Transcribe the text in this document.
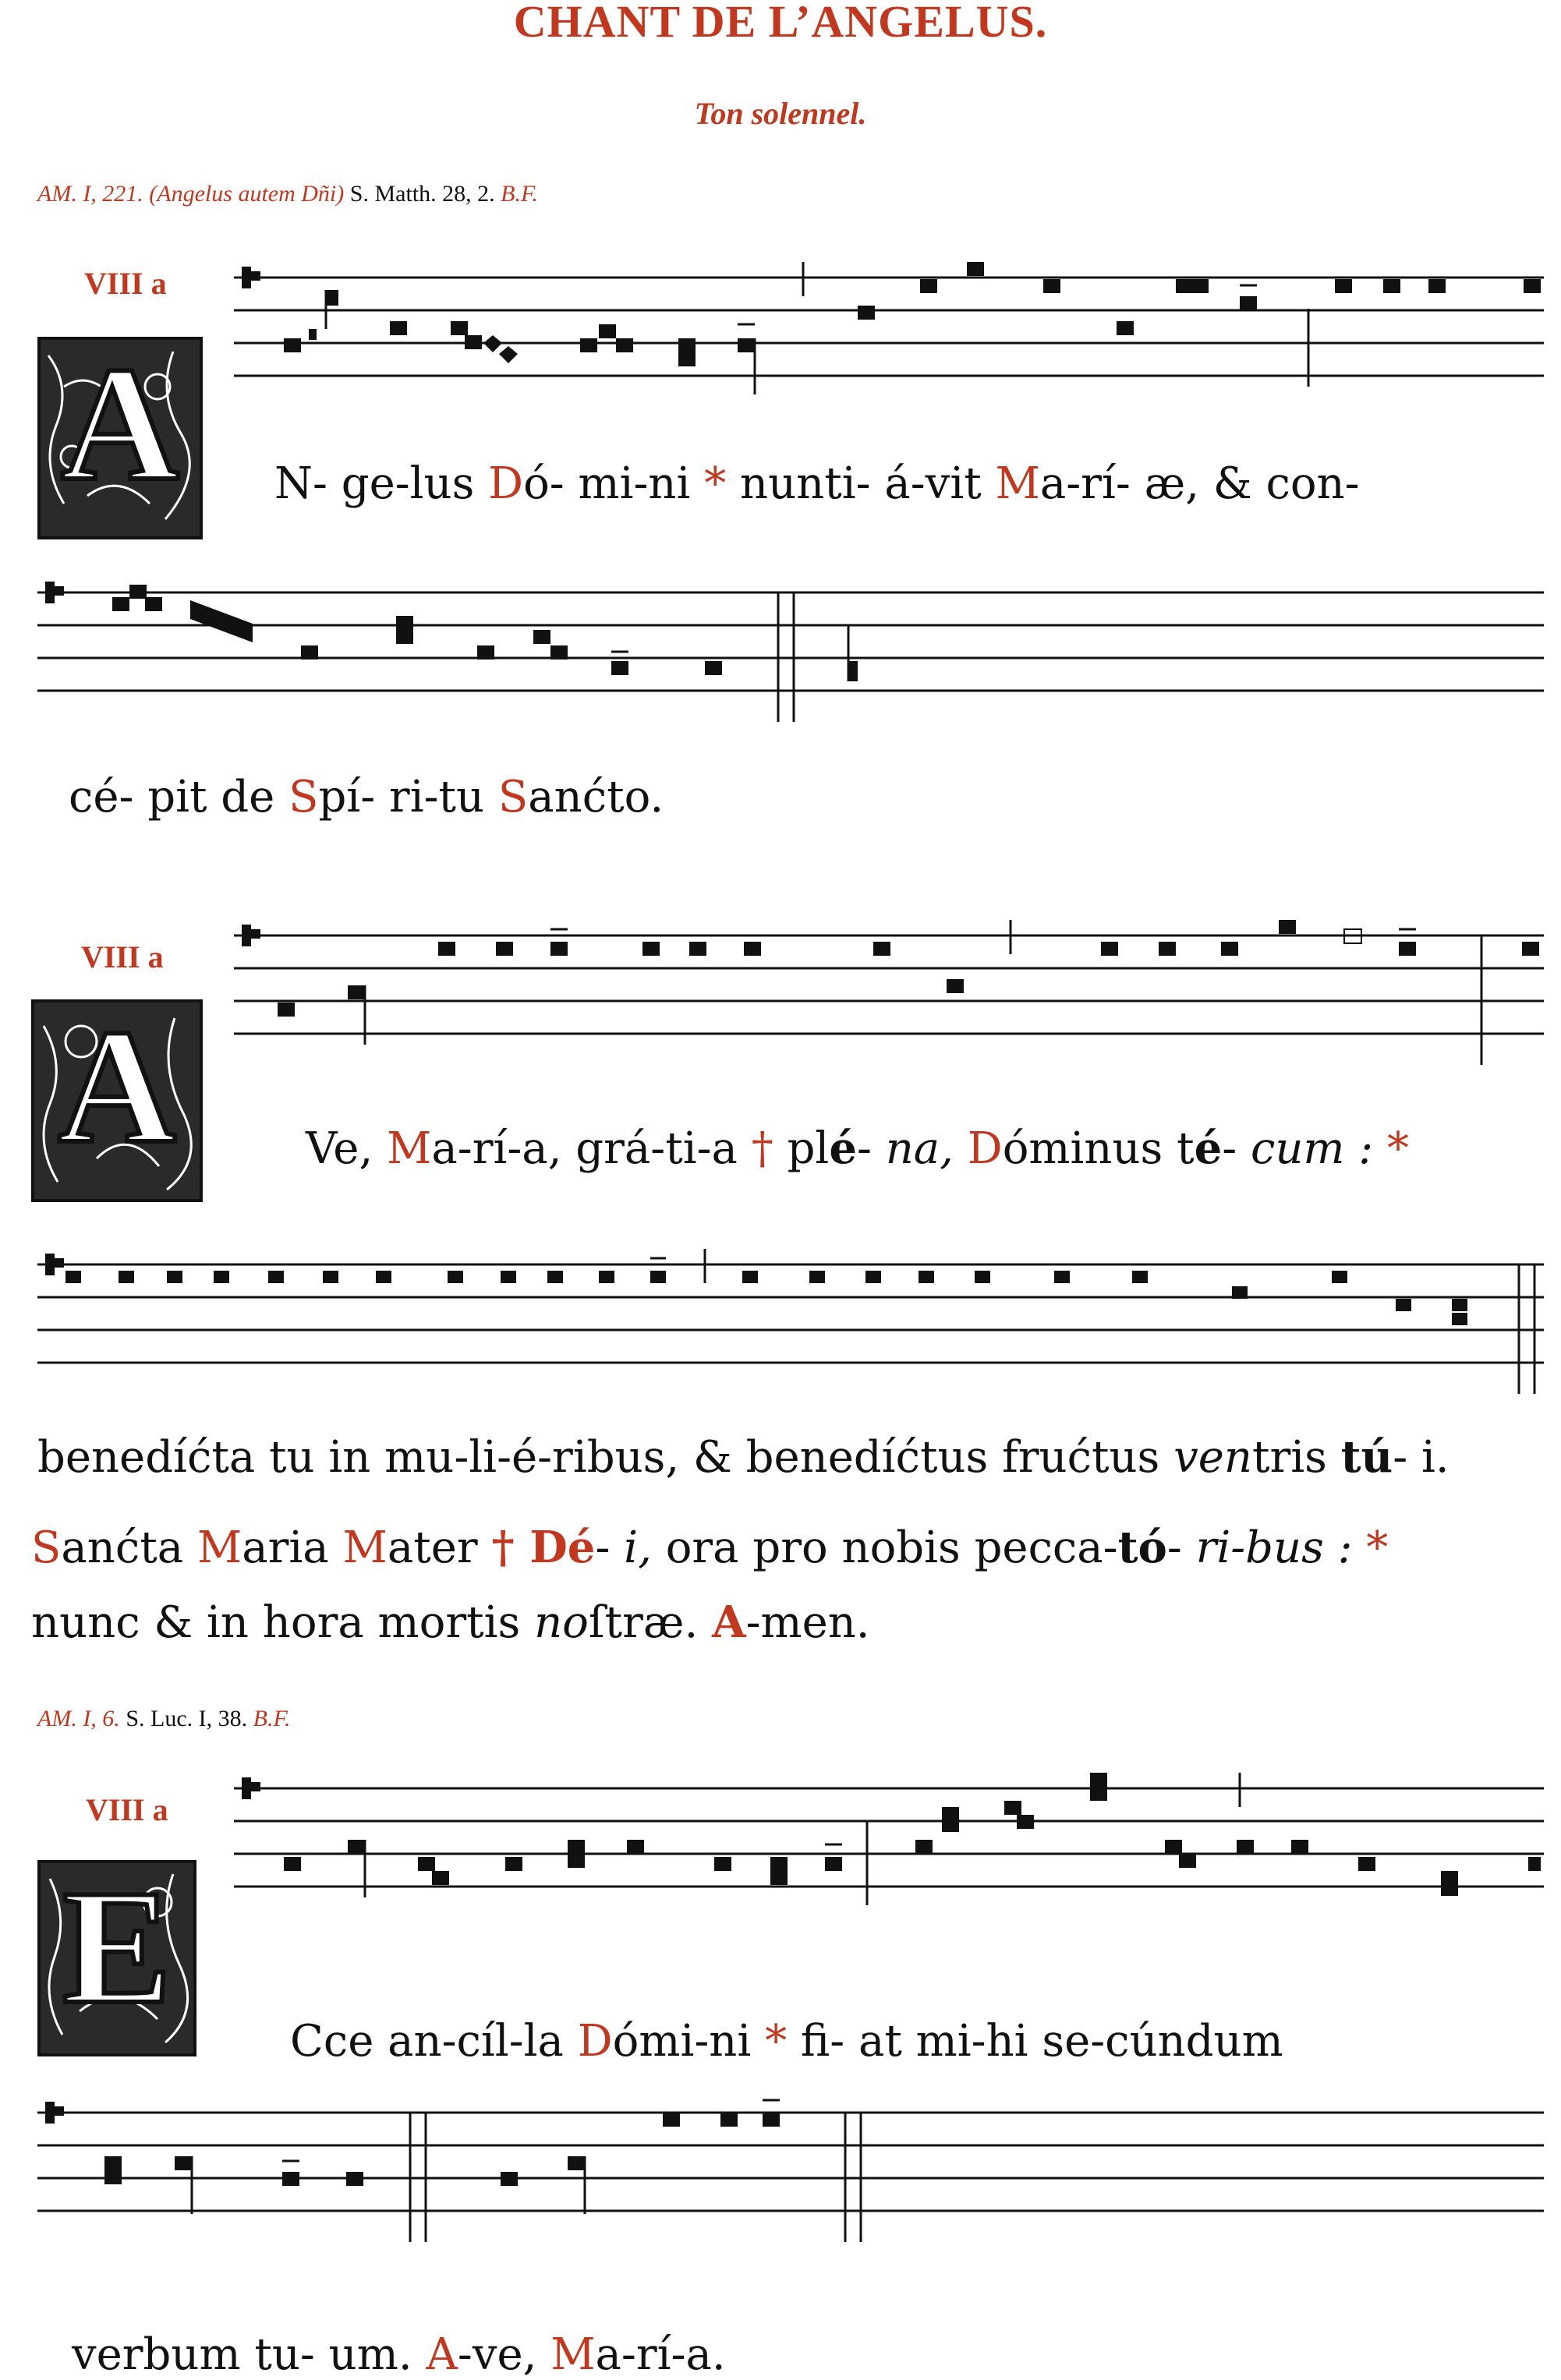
CHANT DE L’ANGELUS.
Ton solennel.
AM. I, 221. (Angelus autem Dñi) S. Matth. 28, 2. B.F.
VIII a
A	N- ge-lus Dó- mi-ni * nunti- á-vit Ma-rí- æ, & con-
cé- pit de Spí- ri-tu Sanćto.
VIII a
A	Ve, Ma-rí-a, grá-ti-a † plé- na, Dóminus té- cum : *
benedíćta tu in mu-li-é-ribus, & benedíćtus frućtus ventris tú- i.
Sanćta Maria Mater † Dé- i, ora pro nobis pecca-tó- ri-bus : *
nunc & in hora mortis noſtræ. A-men.
AM. I, 6. S. Luc. I, 38. B.F.
VIII a
E
Cce an-cíl-la Dómi-ni * fi- at mi-hi se-cúndum
verbum tu- um. A-ve, Ma-rí-a.
